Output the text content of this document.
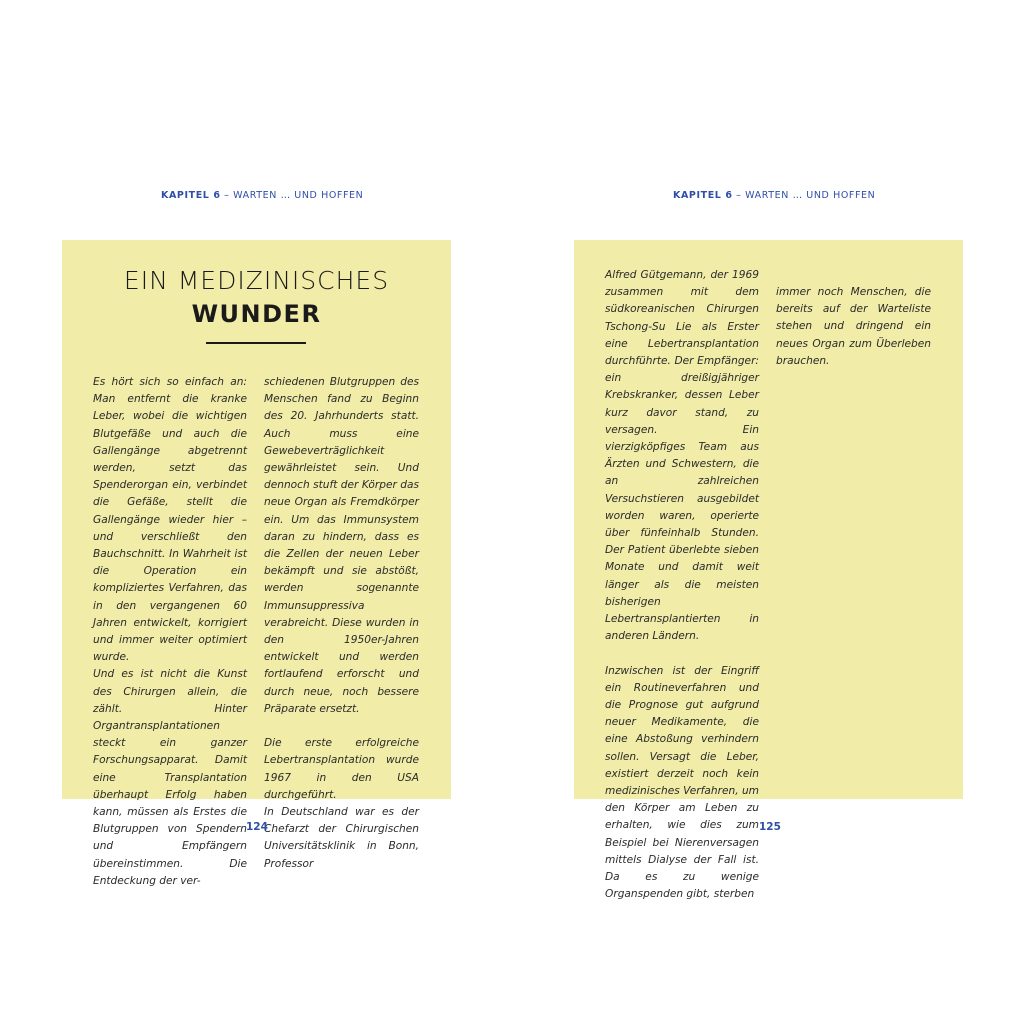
KAPITEL 6 – WARTEN … UND HOFFEN
EIN MEDIZINISCHES
WUNDER

Es hört sich so einfach an: Man entfernt die kranke Leber, wobei die wichtigen Blutgefäße und auch die Gallengänge abgetrennt werden, setzt das Spenderorgan ein, verbindet die Gefäße, stellt die Gallengänge wieder hier – und verschließt den Bauchschnitt. In Wahrheit ist die Operation ein kompliziertes Verfahren, das in den vergangenen 60 Jahren entwickelt, korrigiert und immer weiter optimiert wurde.

Und es ist nicht die Kunst des Chirurgen allein, die zählt. Hinter Organtransplantationen steckt ein ganzer Forschungsapparat. Damit eine Transplantation überhaupt Erfolg haben kann, müssen als Erstes die Blutgruppen von Spendern und Empfängern übereinstimmen. Die Entdeckung der ver-

schiedenen Blutgruppen des Menschen fand zu Beginn des 20. Jahrhunderts statt. Auch muss eine Gewebeverträglichkeit gewährleistet sein. Und dennoch stuft der Körper das neue Organ als Fremdkörper ein. Um das Immunsystem daran zu hindern, dass es die Zellen der neuen Leber bekämpft und sie abstößt, werden sogenannte Immunsuppressiva verabreicht. Diese wurden in den 1950er-Jahren entwickelt und werden fortlaufend erforscht und durch neue, noch bessere Präparate ersetzt.

Die erste erfolgreiche Lebertransplantation wurde 1967 in den USA durchgeführt.

In Deutschland war es der Chefarzt der Chirurgischen Universitätsklinik in Bonn, Professor

124
KAPITEL 6 – WARTEN … UND HOFFEN

Alfred Gütgemann, der 1969 zusammen mit dem südkoreanischen Chirurgen Tschong-Su Lie als Erster eine Lebertransplantation durchführte. Der Empfänger: ein dreißigjähriger Krebskranker, dessen Leber kurz davor stand, zu versagen. Ein vierzigköpfiges Team aus Ärzten und Schwestern, die an zahlreichen Versuchstieren ausgebildet worden waren, operierte über fünfeinhalb Stunden. Der Patient überlebte sieben Monate und damit weit länger als die meisten bisherigen Lebertransplantierten in anderen Ländern.

Inzwischen ist der Eingriff ein Routineverfahren und die Prognose gut aufgrund neuer Medikamente, die eine Abstoßung verhindern sollen. Versagt die Leber, existiert derzeit noch kein medizinisches Verfahren, um den Körper am Leben zu erhalten, wie dies zum Beispiel bei Nierenversagen mittels Dialyse der Fall ist. Da es zu wenige Organspenden gibt, sterben

immer noch Menschen, die bereits auf der Warteliste stehen und dringend ein neues Organ zum Überleben brauchen.

125
